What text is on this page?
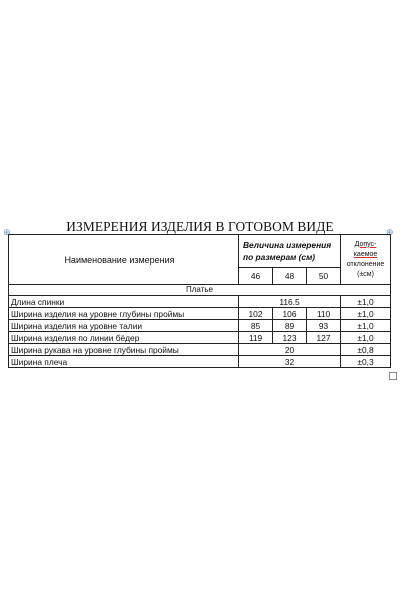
ИЗМЕРЕНИЯ ИЗДЕЛИЯ В ГОТОВОМ ВИДЕ
⊕	⊕
Наименование измерения	Величина измерения по размерам (см)			Допус-
каемое
отклонение
(±см)
	46	48	50	
Платье				
Длина спинки	116.5			±1,0
Ширина изделия на уровне глубины проймы	102	106	110	±1,0
Ширина изделия на уровне талии	85	89	93	±1,0
Ширина изделия по линии бёдер	119	123	127	±1,0
Ширина рукава на уровне глубины проймы	20			±0,8
Ширина плеча	32			±0,3
